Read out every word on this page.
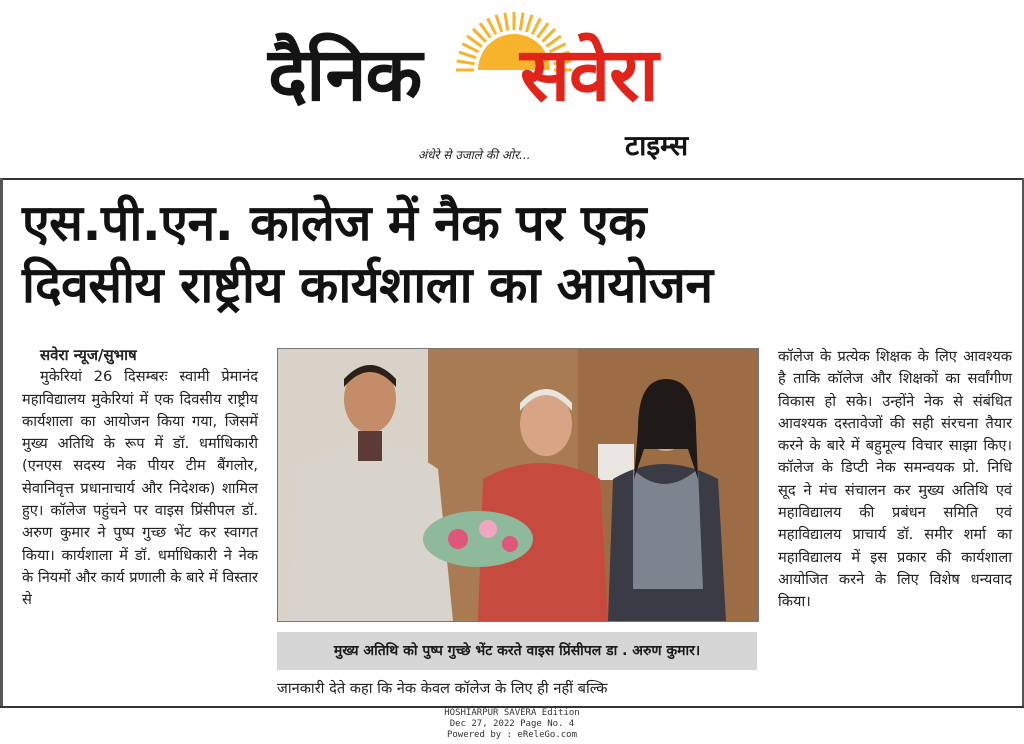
दैनिक सवेरा
अंधेरे से उजाले की ओर...	टाइम्स
एस.पी.एन. कालेज में नैक पर एक
दिवसीय राष्ट्रीय कार्यशाला का आयोजन
सवेरा न्यूज/सुभाष

मुकेरियां 26 दिसम्बरः स्वामी प्रेमानंद महाविद्यालय मुकेरियां में एक दिवसीय राष्ट्रीय कार्यशाला का आयोजन किया गया, जिसमें मुख्य अतिथि के रूप में डॉ. धर्माधिकारी (एनएस सदस्य नेक पीयर टीम बैंगलोर, सेवानिवृत्त प्रधानाचार्य और निदेशक) शामिल हुए। कॉलेज पहुंचने पर वाइस प्रिंसीपल डॉ. अरुण कुमार ने पुष्प गुच्छ भेंट कर स्वागत किया। कार्यशाला में डॉ. धर्माधिकारी ने नेक के नियमों और कार्य प्रणाली के बारे में विस्तार से

मुख्य अतिथि को पुष्प गुच्छे भेंट करते वाइस प्रिंसीपल डा . अरुण कुमार।
जानकारी देते कहा कि नेक केवल कॉलेज के लिए ही नहीं बल्कि

कॉलेज के प्रत्येक शिक्षक के लिए आवश्यक है ताकि कॉलेज और शिक्षकों का सर्वांगीण विकास हो सके। उन्होंने नेक से संबंधित आवश्यक दस्तावेजों की सही संरचना तैयार करने के बारे में बहुमूल्य विचार साझा किए। कॉलेज के डिप्टी नेक समन्वयक प्रो. निधि सूद ने मंच संचालन कर मुख्य अतिथि एवं महाविद्यालय की प्रबंधन समिति एवं महाविद्यालय प्राचार्य डॉ. समीर शर्मा का महाविद्यालय में इस प्रकार की कार्यशाला आयोजित करने के लिए विशेष धन्यवाद किया।

HOSHIARPUR SAVERA Edition
Dec 27, 2022 Page No. 4
Powered by : eReleGo.com
